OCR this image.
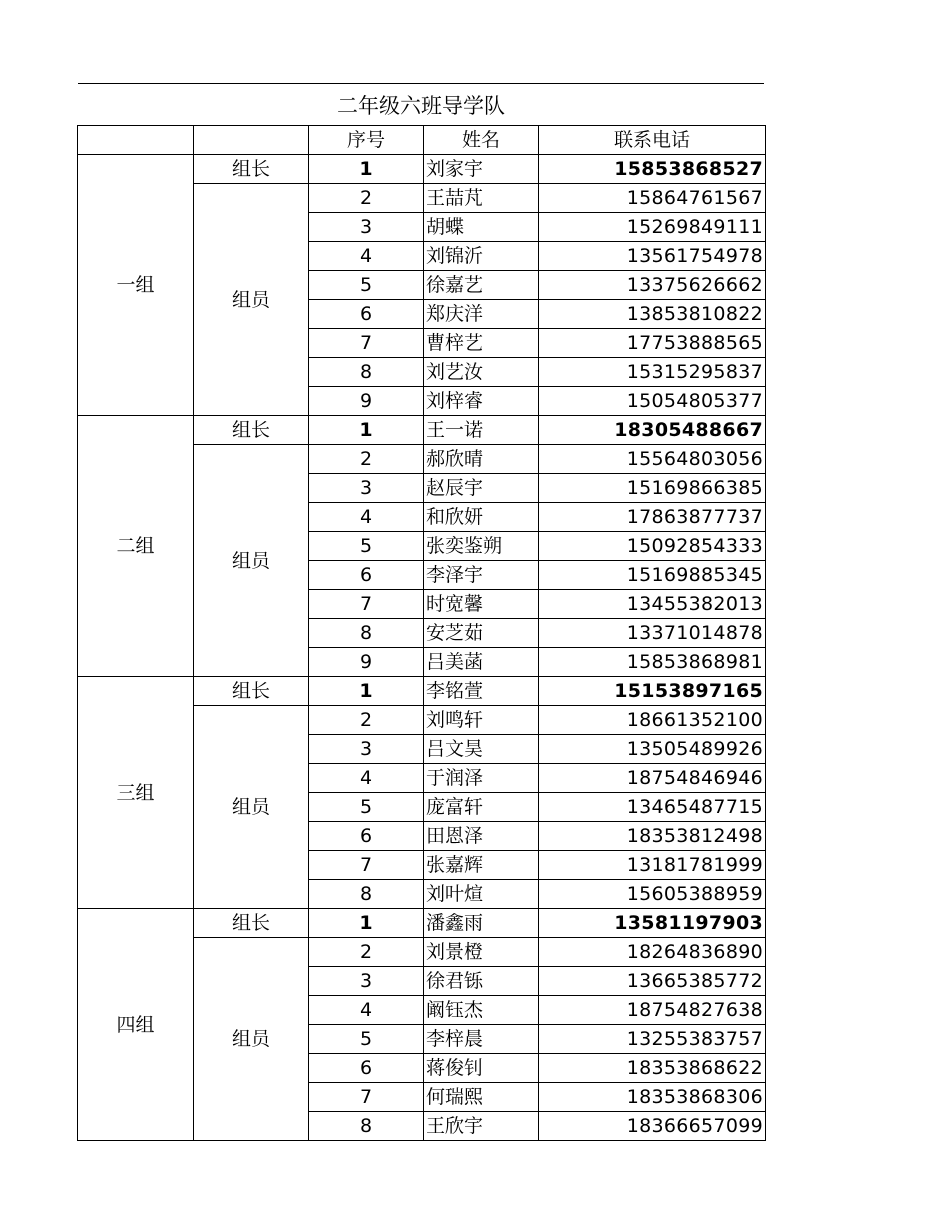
二年级六班导学队
		序号	姓名	联系电话
一组	组长	1	刘家宇	15853868527
	组员	2	王喆芃	15864761567
		3	胡蝶	15269849111
		4	刘锦沂	13561754978
		5	徐嘉艺	13375626662
		6	郑庆洋	13853810822
		7	曹梓艺	17753888565
		8	刘艺汝	15315295837
		9	刘梓睿	15054805377
二组	组长	1	王一诺	18305488667
	组员	2	郝欣晴	15564803056
		3	赵辰宇	15169866385
		4	和欣妍	17863877737
		5	张奕鉴朔	15092854333
		6	李泽宇	15169885345
		7	时宽馨	13455382013
		8	安芝茹	13371014878
		9	吕美菡	15853868981
三组	组长	1	李铭萱	15153897165
	组员	2	刘鸣轩	18661352100
		3	吕文昊	13505489926
		4	于润泽	18754846946
		5	庞富轩	13465487715
		6	田恩泽	18353812498
		7	张嘉辉	13181781999
		8	刘叶煊	15605388959
四组	组长	1	潘鑫雨	13581197903
	组员	2	刘景橙	18264836890
		3	徐君铄	13665385772
		4	阚钰杰	18754827638
		5	李梓晨	13255383757
		6	蒋俊钊	18353868622
		7	何瑞熙	18353868306
		8	王欣宇	18366657099
